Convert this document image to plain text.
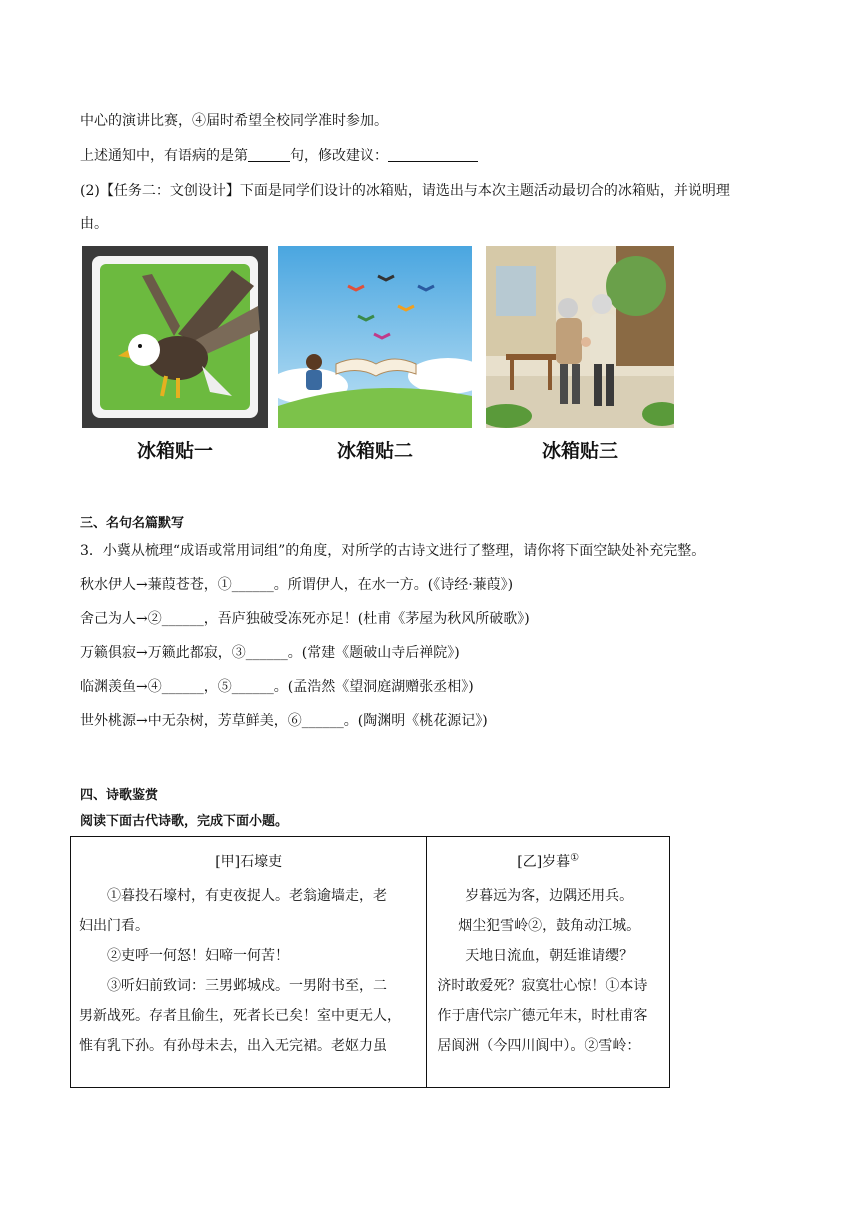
中心的演讲比赛，④届时希望全校同学准时参加。
上述通知中，有语病的是第	句，修改建议：
(2)【任务二：文创设计】下面是同学们设计的冰箱贴，请选出与本次主题活动最切合的冰箱贴，并说明理
由。
冰箱贴一	冰箱贴二	冰箱贴三
三、名句名篇默写
3．小冀从梳理“成语或常用词组”的角度，对所学的古诗文进行了整理，请你将下面空缺处补充完整。
秋水伊人→蒹葭苍苍，①______。所谓伊人，在水一方。(《诗经·蒹葭》)
舍己为人→②______，吾庐独破受冻死亦足！(杜甫《茅屋为秋风所破歌》)
万籁俱寂→万籁此都寂，③______。(常建《题破山寺后禅院》)
临渊羡鱼→④______，⑤______。(孟浩然《望洞庭湖赠张丞相》)
世外桃源→中无杂树，芳草鲜美，⑥______。(陶渊明《桃花源记》)
四、诗歌鉴赏
阅读下面古代诗歌，完成下面小题。
[甲]石壕吏
　　①暮投石壕村，有吏夜捉人。老翁逾墙走，老
妇出门看。
　　②吏呼一何怒！妇啼一何苦！
　　③听妇前致词：三男邺城戍。一男附书至，二
男新战死。存者且偷生，死者长已矣！室中更无人，
惟有乳下孙。有孙母未去，出入无完裙。老妪力虽

[乙]岁暮①
岁暮远为客，边隅还用兵。
烟尘犯雪岭②，鼓角动江城。
天地日流血，朝廷谁请缨？
济时敢爱死？寂寞壮心惊！①本诗
作于唐代宗广德元年末，时杜甫客
居阆洲（今四川阆中）。②雪岭：
